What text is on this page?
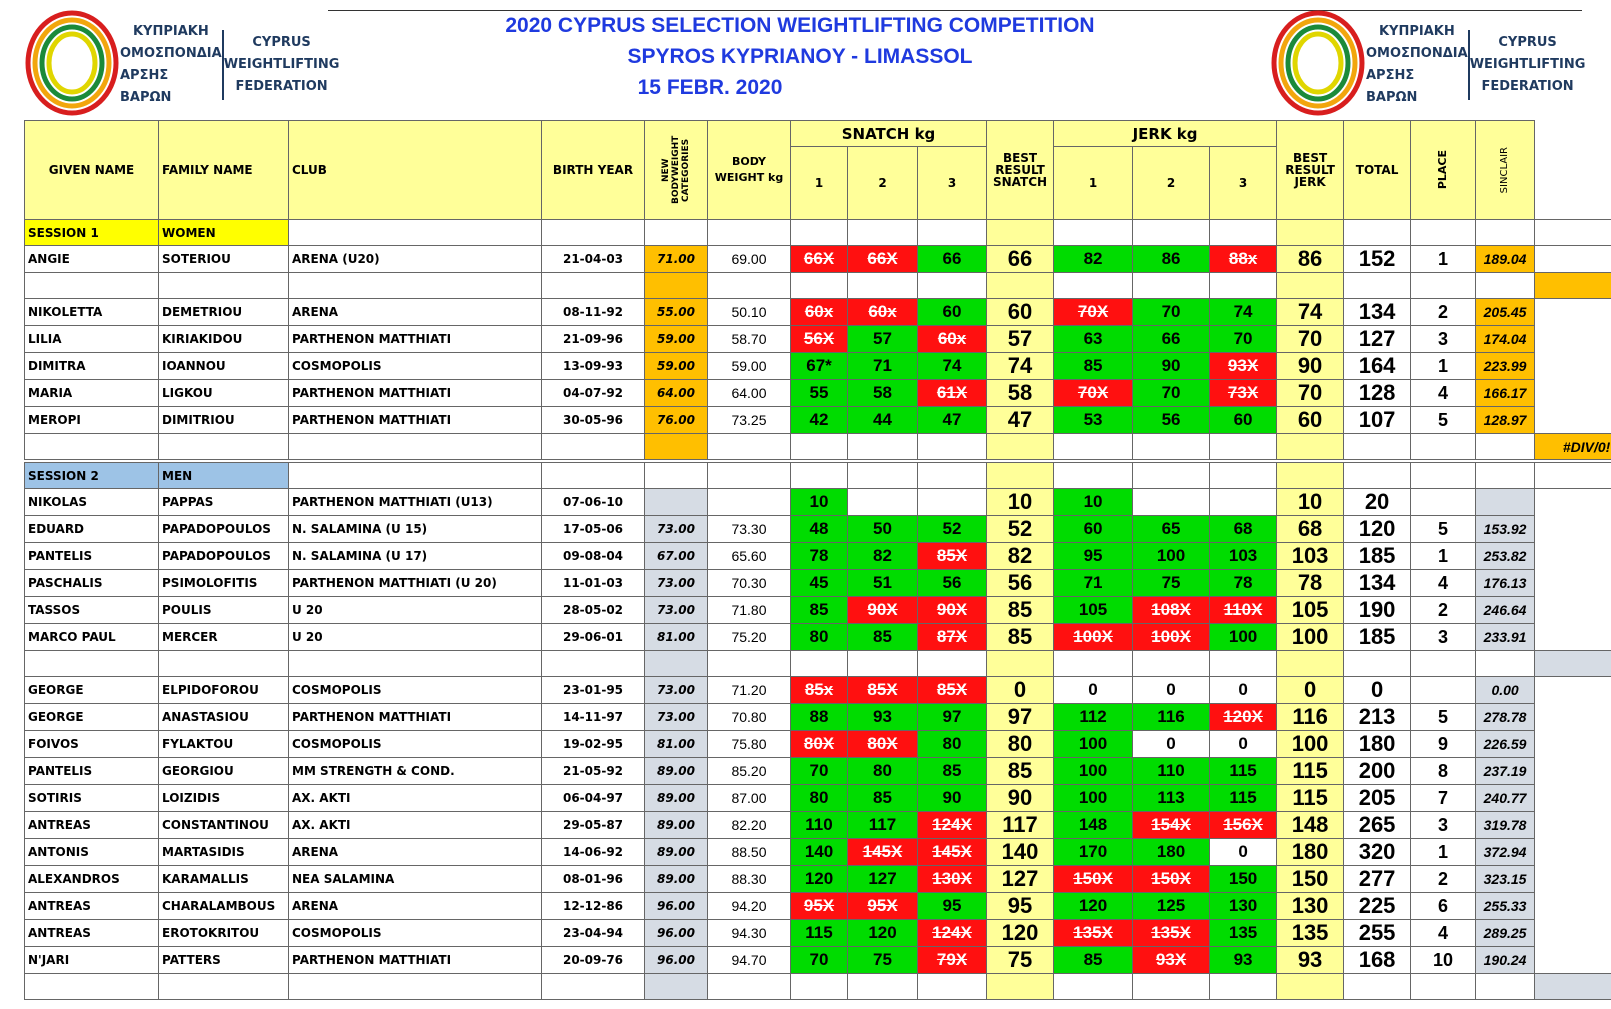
ΚΥΠΡΙΑΚΗ
ΟΜΟΣΠΟΝΔΙΑ
ΑΡΣΗΣ ΒΑΡΩΝ
CYPRUS
WEIGHTLIFTING
FEDERATION
2020 CYPRUS SELECTION WEIGHTLIFTING COMPETITION
SPYROS KYPRIANOY - LIMASSOL
15 FEBR. 2020
ΚΥΠΡΙΑΚΗ
ΟΜΟΣΠΟΝΔΙΑ
ΑΡΣΗΣ ΒΑΡΩΝ
CYPRUS
WEIGHTLIFTING
FEDERATION
GIVEN NAME	FAMILY NAME	CLUB	BIRTH YEAR	NEW BODYWEIGHT CATEGORIES	BODY WEIGHT kg	SNATCH kg			BEST RESULT SNATCH	JERK kg			BEST RESULT JERK	TOTAL	PLACE	SINCLAIR	

						1	2	3		1	2	3					
SESSION 1	WOMEN																
ANGIE	SOTERIOU	ARENA (U20)	21-04-03	71.00	69.00	66X	66X	66	66	82	86	88x	86	152	1	189.04	

NIKOLETTA	DEMETRIOU	ARENA	08-11-92	55.00	50.10	60x	60x	60	60	70X	70	74	74	134	2	205.45	
LILIA	KIRIAKIDOU	PARTHENON MATTHIATI	21-09-96	59.00	58.70	56X	57	60x	57	63	66	70	70	127	3	174.04	
DIMITRA	IOANNOU	COSMOPOLIS	13-09-93	59.00	59.00	67*	71	74	74	85	90	93X	90	164	1	223.99	
MARIA	LIGKOU	PARTHENON MATTHIATI	04-07-92	64.00	64.00	55	58	61X	58	70X	70	73X	70	128	4	166.17	
MEROPI	DIMITRIOU	PARTHENON MATTHIATI	30-05-96	76.00	73.25	42	44	47	47	53	56	60	60	107	5	128.97	
																	#DIV/0!
SESSION 2	MEN																
NIKOLAS	PAPPAS	PARTHENON MATTHIATI (U13)	07-06-10			10			10	10			10	20			
EDUARD	PAPADOPOULOS	N. SALAMINA (U 15)	17-05-06	73.00	73.30	48	50	52	52	60	65	68	68	120	5	153.92	
PANTELIS	PAPADOPOULOS	N. SALAMINA (U 17)	09-08-04	67.00	65.60	78	82	85X	82	95	100	103	103	185	1	253.82	
PASCHALIS	PSIMOLOFITIS	PARTHENON MATTHIATI (U 20)	11-01-03	73.00	70.30	45	51	56	56	71	75	78	78	134	4	176.13	
TASSOS	POULIS	U 20	28-05-02	73.00	71.80	85	90X	90X	85	105	108X	110X	105	190	2	246.64	
MARCO PAUL	MERCER	U 20	29-06-01	81.00	75.20	80	85	87X	85	100X	100X	100	100	185	3	233.91	

GEORGE	ELPIDOFOROU	COSMOPOLIS	23-01-95	73.00	71.20	85x	85X	85X	0	0	0	0	0	0		0.00	
GEORGE	ANASTASIOU	PARTHENON MATTHIATI	14-11-97	73.00	70.80	88	93	97	97	112	116	120X	116	213	5	278.78	
FOIVOS	FYLAKTOU	COSMOPOLIS	19-02-95	81.00	75.80	80X	80X	80	80	100	0	0	100	180	9	226.59	
PANTELIS	GEORGIOU	MM STRENGTH & COND.	21-05-92	89.00	85.20	70	80	85	85	100	110	115	115	200	8	237.19	
SOTIRIS	LOIZIDIS	AX. AKTI	06-04-97	89.00	87.00	80	85	90	90	100	113	115	115	205	7	240.77	
ANTREAS	CONSTANTINOU	AX. AKTI	29-05-87	89.00	82.20	110	117	124X	117	148	154X	156X	148	265	3	319.78	
ANTONIS	MARTASIDIS	ARENA	14-06-92	89.00	88.50	140	145X	145X	140	170	180	0	180	320	1	372.94	
ALEXANDROS	KARAMALLIS	NEA SALAMINA	08-01-96	89.00	88.30	120	127	130X	127	150X	150X	150	150	277	2	323.15	
ANTREAS	CHARALAMBOUS	ARENA	12-12-86	96.00	94.20	95X	95X	95	95	120	125	130	130	225	6	255.33	
ANTREAS	EROTOKRITOU	COSMOPOLIS	23-04-94	96.00	94.30	115	120	124X	120	135X	135X	135	135	255	4	289.25	
N'JARI	PATTERS	PARTHENON MATTHIATI	20-09-76	96.00	94.70	70	75	79X	75	85	93X	93	93	168	10	190.24	
